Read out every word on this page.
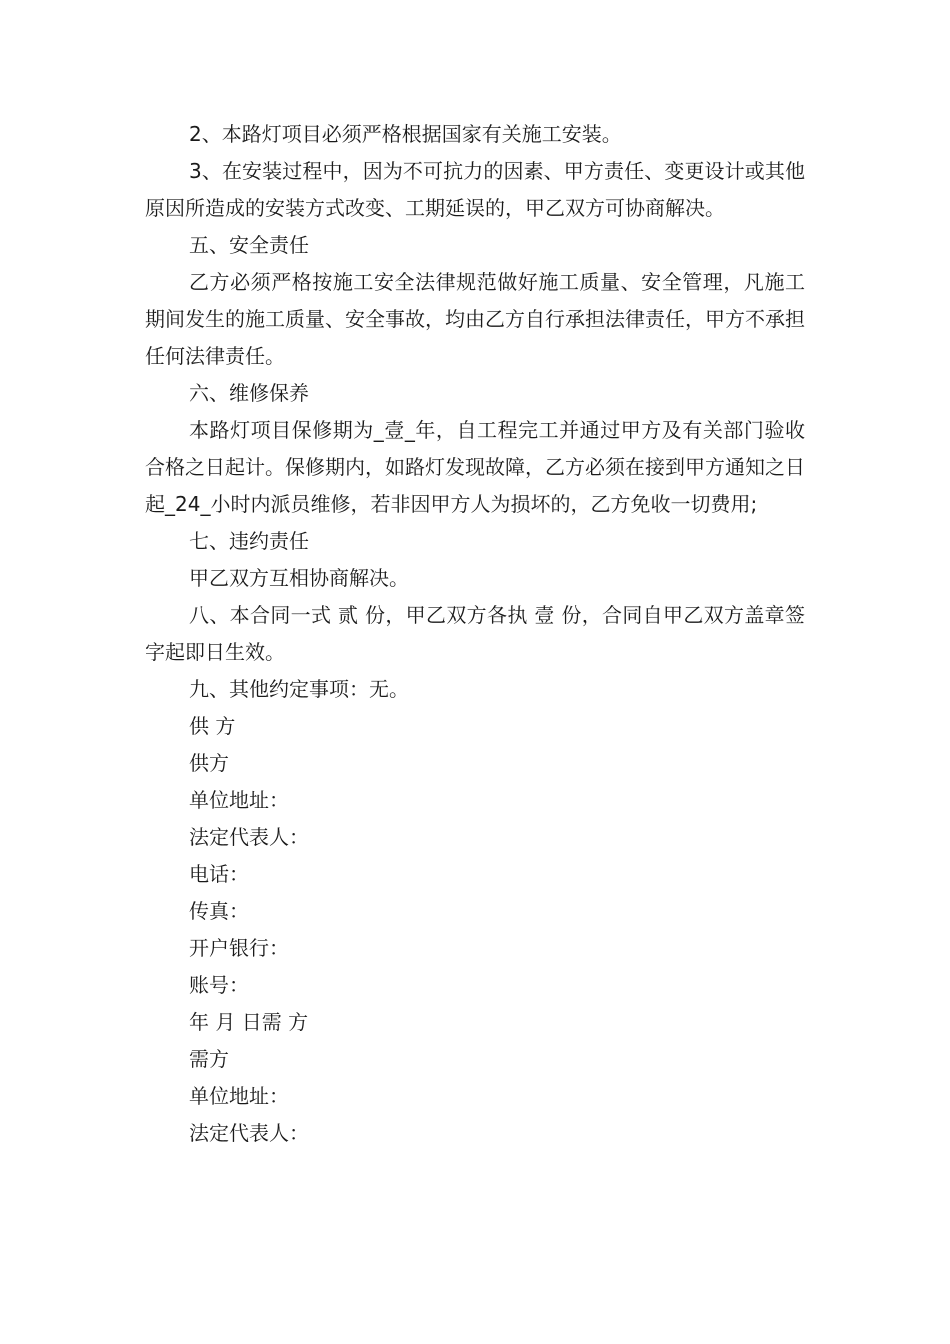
2、本路灯项目必须严格根据国家有关施工安装。

3、在安装过程中，因为不可抗力的因素、甲方责任、变更设计或其他原因所造成的安装方式改变、工期延误的，甲乙双方可协商解决。

五、安全责任

乙方必须严格按施工安全法律规范做好施工质量、安全管理，凡施工期间发生的施工质量、安全事故，均由乙方自行承担法律责任，甲方不承担任何法律责任。

六、维修保养

本路灯项目保修期为_壹_年，自工程完工并通过甲方及有关部门验收合格之日起计。保修期内，如路灯发现故障，乙方必须在接到甲方通知之日起_24_小时内派员维修，若非因甲方人为损坏的，乙方免收一切费用;

七、违约责任

甲乙双方互相协商解决。

八、本合同一式 贰 份，甲乙双方各执 壹 份，合同自甲乙双方盖章签字起即日生效。

九、其他约定事项：无。

供 方

供方

单位地址：

法定代表人：

电话：

传真：

开户银行：

账号：

年 月 日需 方

需方

单位地址：

法定代表人：
